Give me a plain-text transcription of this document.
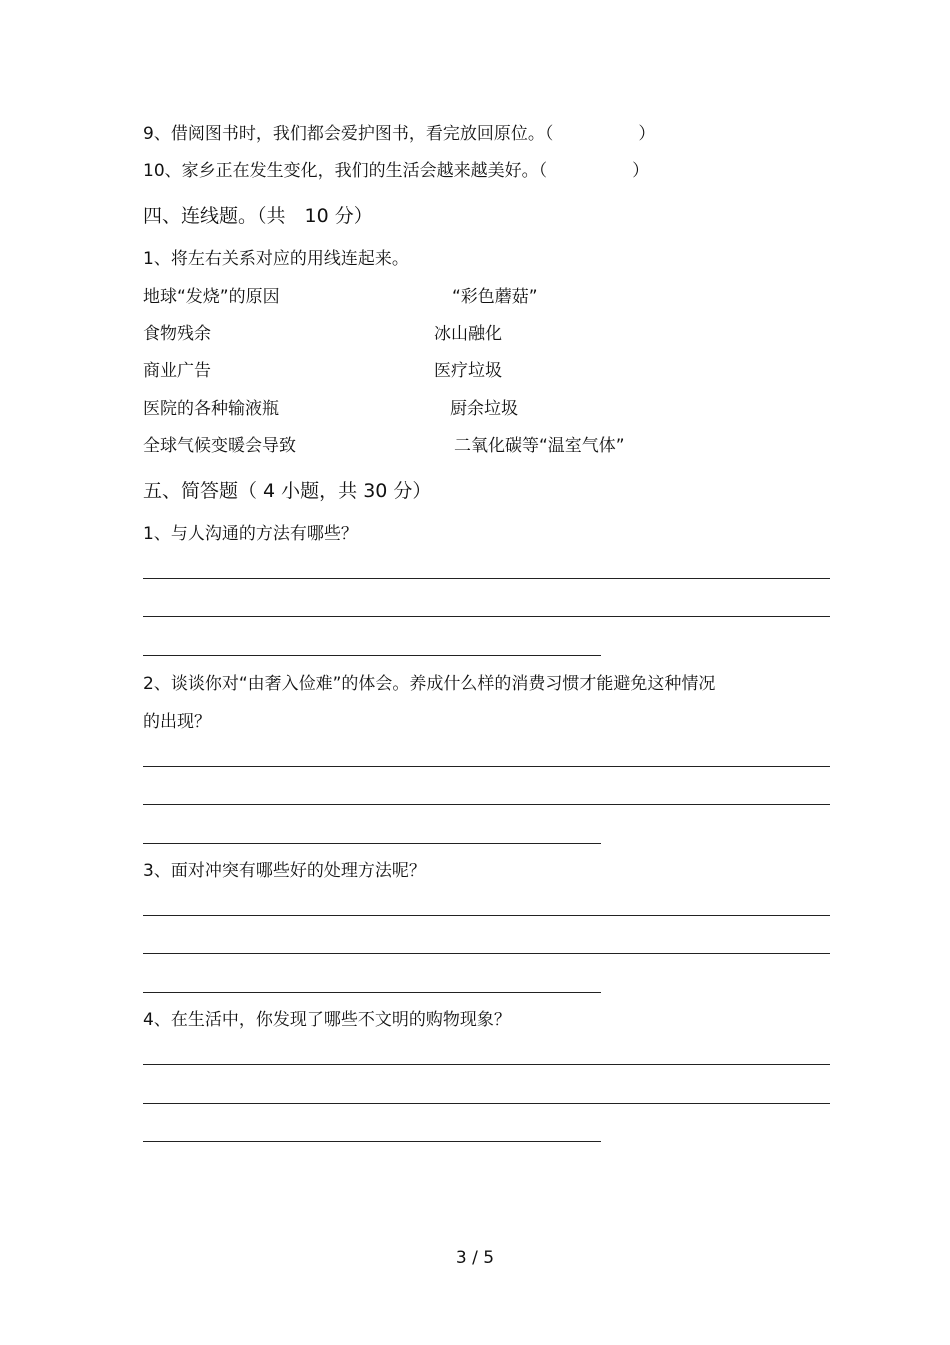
9、借阅图书时，我们都会爱护图书，看完放回原位。（　　　　　）
10、家乡正在发生变化，我们的生活会越来越美好。（　　　　　）
四、连线题。（共　10 分）
1、将左右关系对应的用线连起来。
地球“发烧”的原因
食物残余
商业广告
医院的各种输液瓶
全球气候变暖会导致
“彩色蘑菇”
冰山融化
医疗垃圾
厨余垃圾
二氧化碳等“温室气体”
五、简答题（ 4 小题，共 30 分）
1、与人沟通的方法有哪些？
2、谈谈你对“由奢入俭难”的体会。养成什么样的消费习惯才能避免这种情况
的出现？
3、面对冲突有哪些好的处理方法呢？
4、在生活中，你发现了哪些不文明的购物现象？
3 / 5
